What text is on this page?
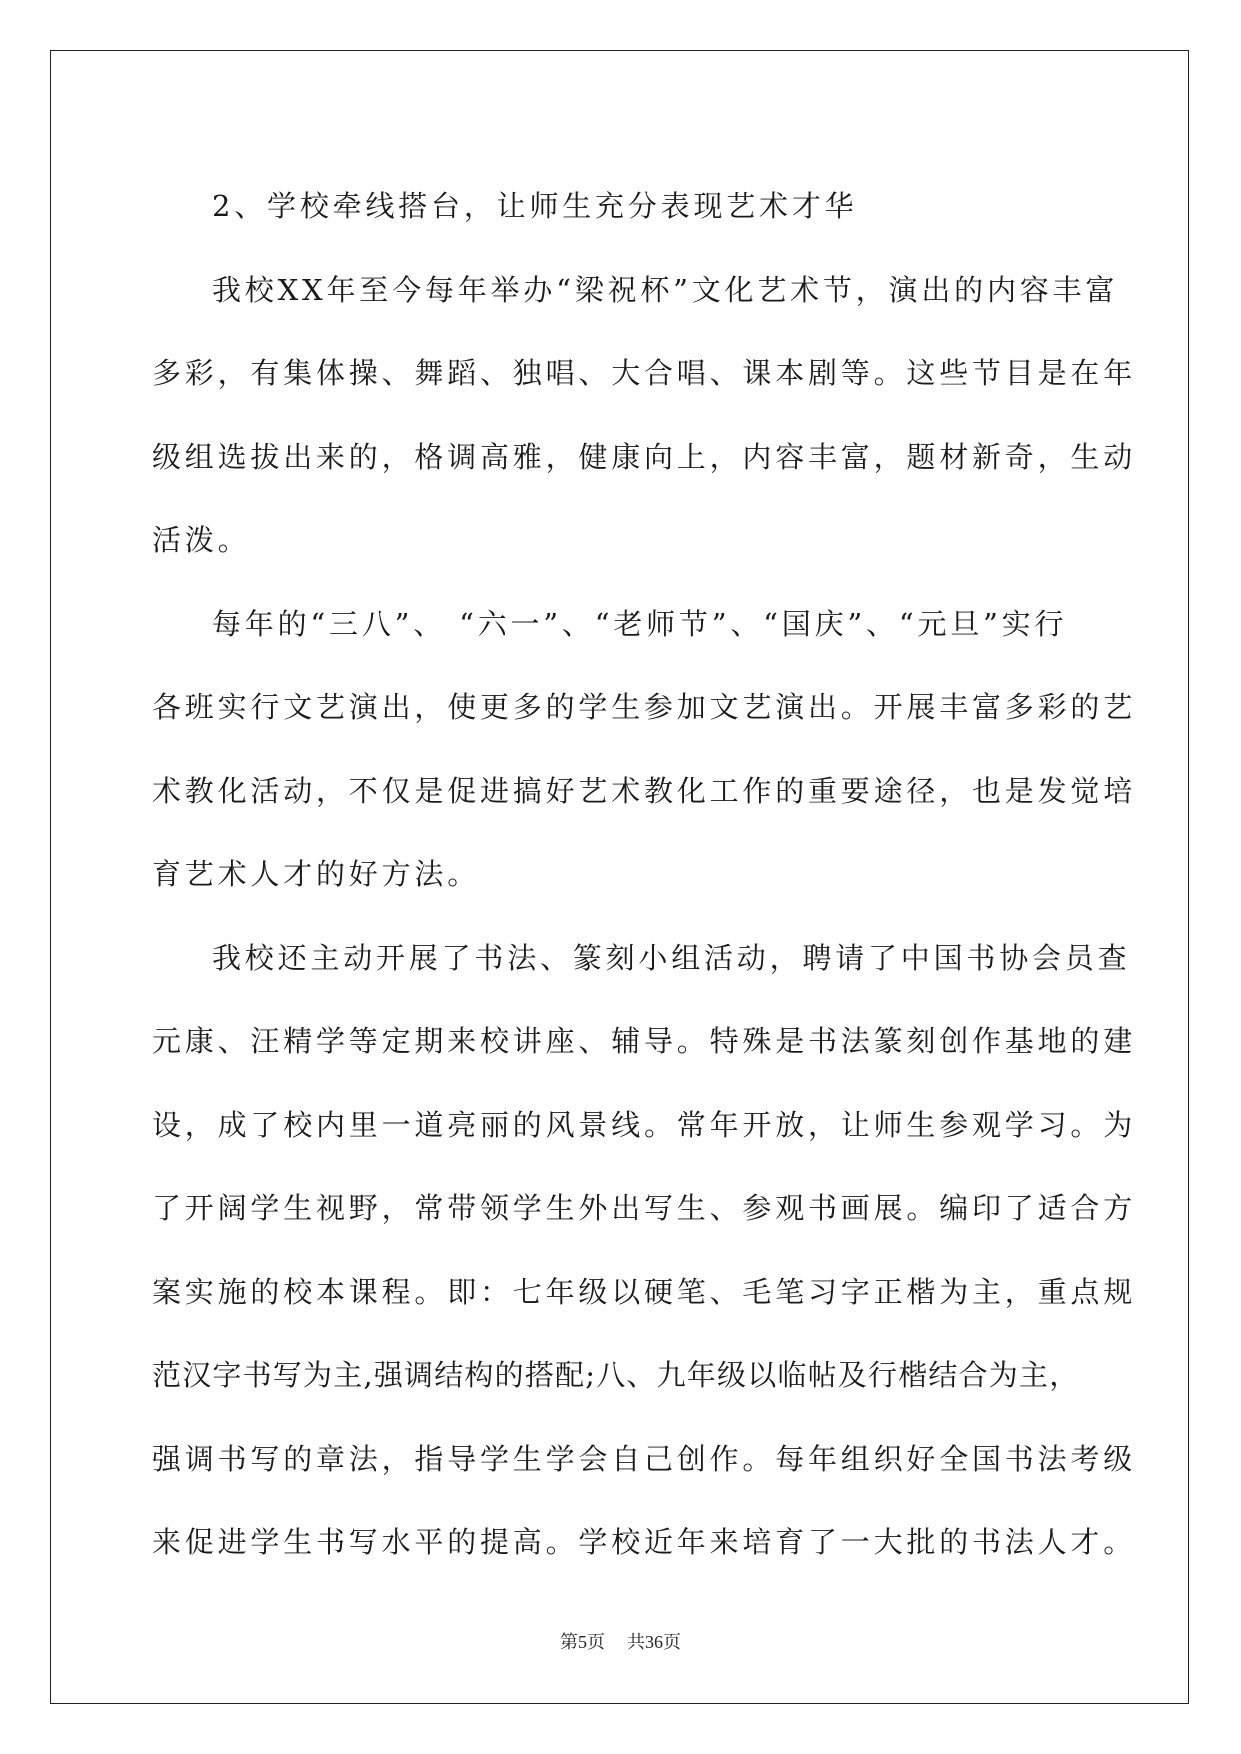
2、学校牵线搭台，让师生充分表现艺术才华
我校XX年至今每年举办“梁祝杯”文化艺术节，演出的内容丰富
多彩，有集体操、舞蹈、独唱、大合唱、课本剧等。这些节目是在年
级组选拔出来的，格调高雅，健康向上，内容丰富，题材新奇，生动
活泼。
每年的“三八”、 “六一”、“老师节”、“国庆”、“元旦”实行
各班实行文艺演出，使更多的学生参加文艺演出。开展丰富多彩的艺
术教化活动，不仅是促进搞好艺术教化工作的重要途径，也是发觉培
育艺术人才的好方法。
我校还主动开展了书法、篆刻小组活动，聘请了中国书协会员查
元康、汪精学等定期来校讲座、辅导。特殊是书法篆刻创作基地的建
设，成了校内里一道亮丽的风景线。常年开放，让师生参观学习。为
了开阔学生视野，常带领学生外出写生、参观书画展。编印了适合方
案实施的校本课程。即：七年级以硬笔、毛笔习字正楷为主，重点规
范汉字书写为主,强调结构的搭配;八、九年级以临帖及行楷结合为主，
强调书写的章法，指导学生学会自己创作。每年组织好全国书法考级
来促进学生书写水平的提高。学校近年来培育了一大批的书法人才。
第5页 共36页
